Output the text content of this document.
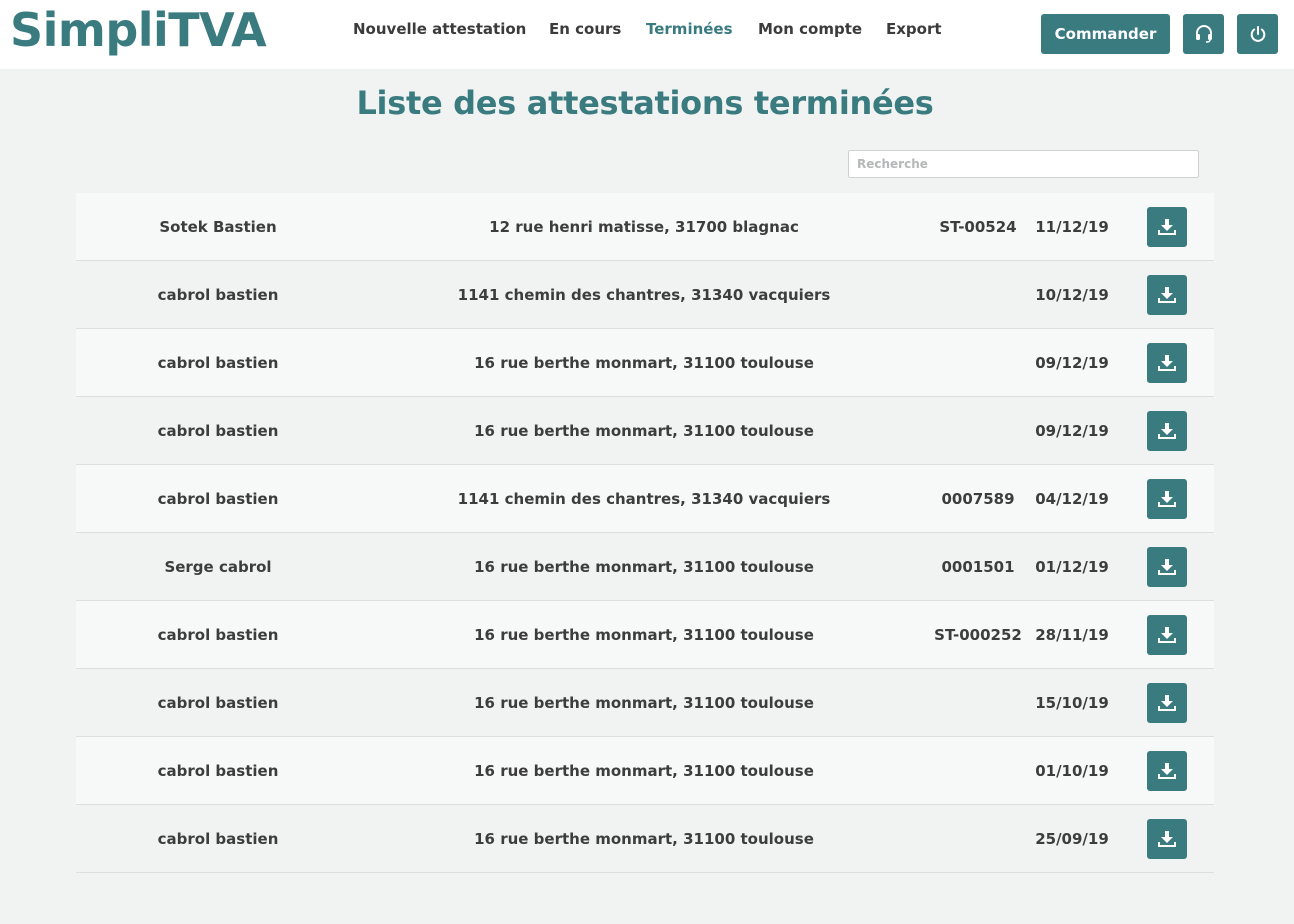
SimpliTVA	Nouvelle attestation En cours Terminées Mon compte Export	Commander
Liste des attestations terminées
Recherche
Sotek Bastien	12 rue henri matisse, 31700 blagnac	ST-00524	11/12/19
cabrol bastien	1141 chemin des chantres, 31340 vacquiers	10/12/19
cabrol bastien	16 rue berthe monmart, 31100 toulouse	09/12/19
cabrol bastien	16 rue berthe monmart, 31100 toulouse	09/12/19
cabrol bastien	1141 chemin des chantres, 31340 vacquiers	0007589	04/12/19
Serge cabrol	16 rue berthe monmart, 31100 toulouse	0001501	01/12/19
cabrol bastien	16 rue berthe monmart, 31100 toulouse	ST-000252 28/11/19
cabrol bastien	16 rue berthe monmart, 31100 toulouse	15/10/19
cabrol bastien	16 rue berthe monmart, 31100 toulouse	01/10/19
cabrol bastien	16 rue berthe monmart, 31100 toulouse	25/09/19
